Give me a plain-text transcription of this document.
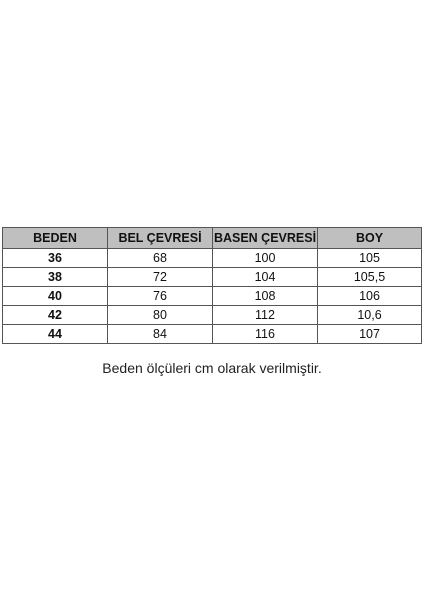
BEDEN	BEL ÇEVRESİ	BASEN ÇEVRESİ	BOY
36	68	100	105
38	72	104	105,5
40	76	108	106
42	80	112	10,6
44	84	116	107
Beden ölçüleri cm olarak verilmiştir.
